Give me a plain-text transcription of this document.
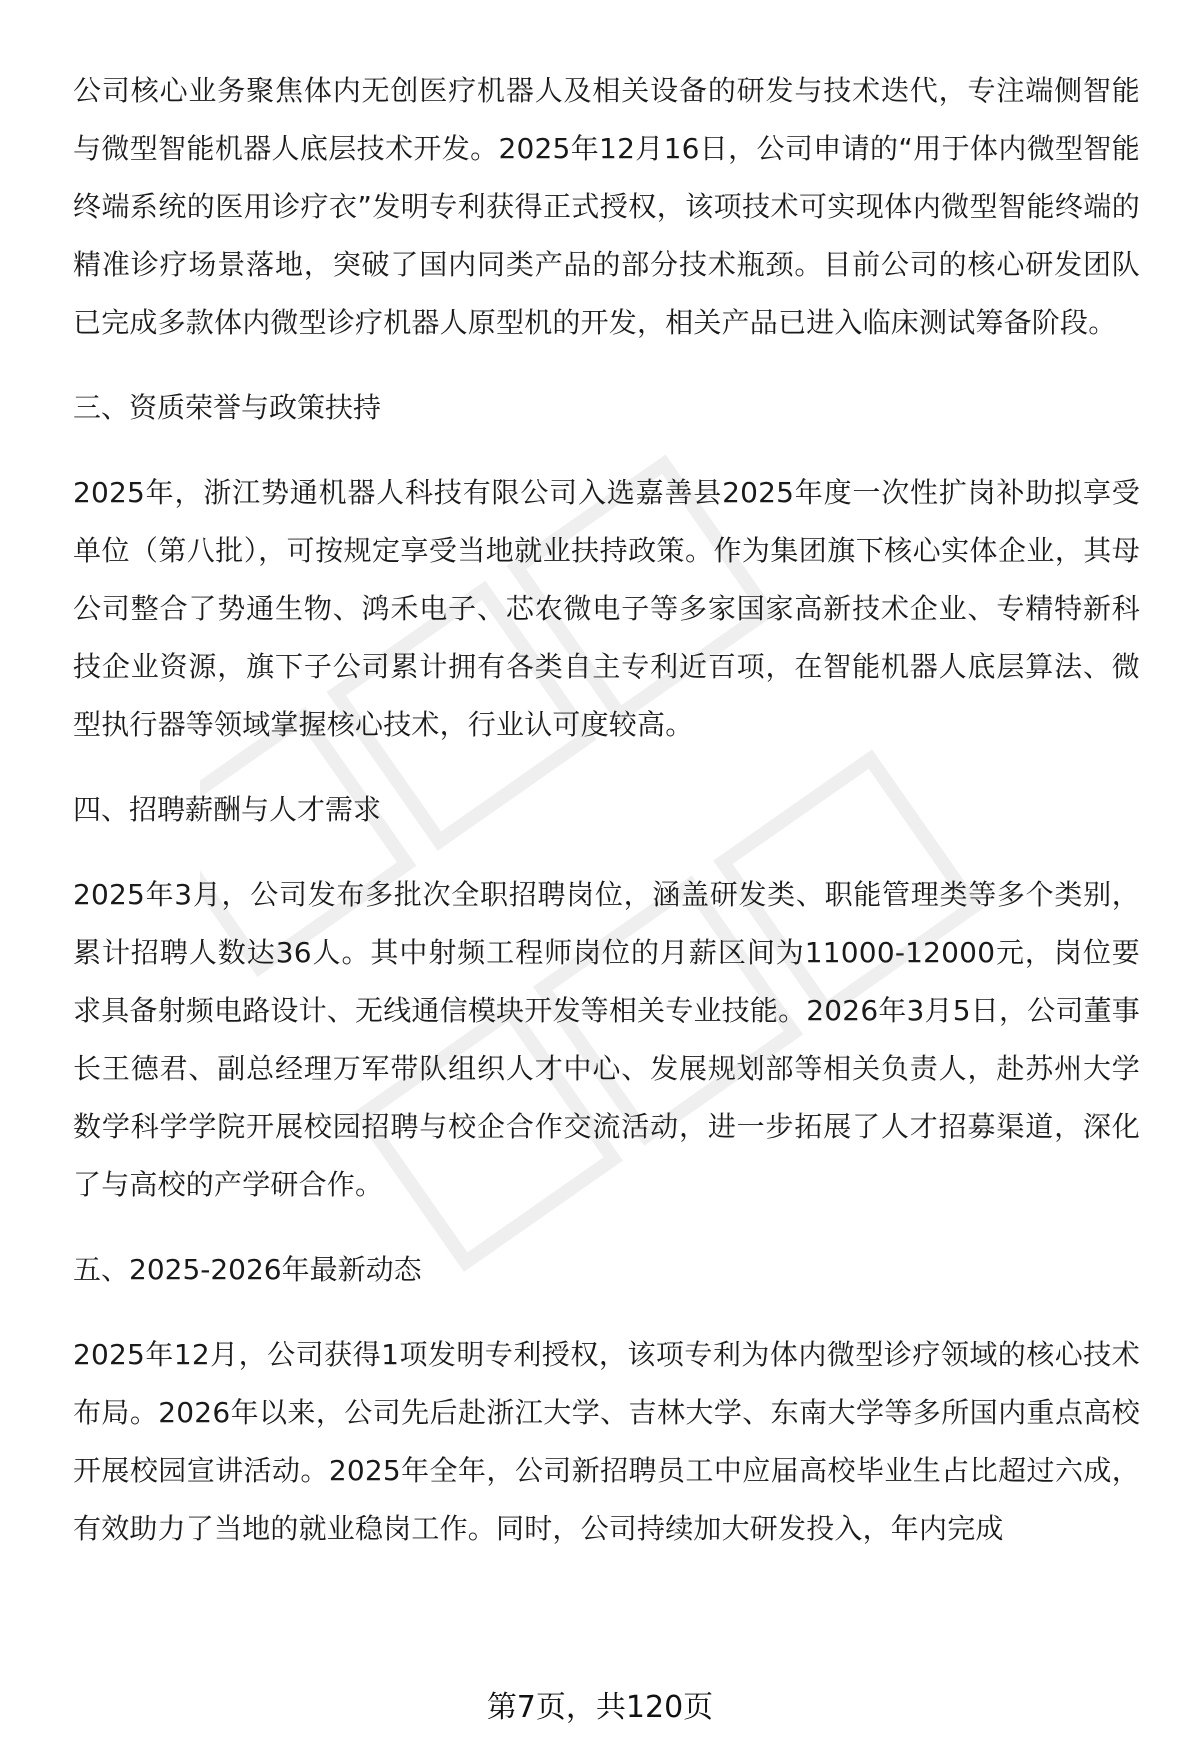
公司核心业务聚焦体内无创医疗机器人及相关设备的研发与技术迭代，专注端侧智能与微型智能机器人底层技术开发。2025年12月16日，公司申请的“用于体内微型智能终端系统的医用诊疗衣”发明专利获得正式授权，该项技术可实现体内微型智能终端的精准诊疗场景落地，突破了国内同类产品的部分技术瓶颈。目前公司的核心研发团队已完成多款体内微型诊疗机器人原型机的开发，相关产品已进入临床测试筹备阶段。

三、资质荣誉与政策扶持

2025年，浙江势通机器人科技有限公司入选嘉善县2025年度一次性扩岗补助拟享受单位（第八批），可按规定享受当地就业扶持政策。作为集团旗下核心实体企业，其母公司整合了势通生物、鸿禾电子、芯农微电子等多家国家高新技术企业、专精特新科技企业资源，旗下子公司累计拥有各类自主专利近百项，在智能机器人底层算法、微型执行器等领域掌握核心技术，行业认可度较高。

四、招聘薪酬与人才需求

2025年3月，公司发布多批次全职招聘岗位，涵盖研发类、职能管理类等多个类别，累计招聘人数达36人。其中射频工程师岗位的月薪区间为11000-12000元，岗位要求具备射频电路设计、无线通信模块开发等相关专业技能。2026年3月5日，公司董事长王德君、副总经理万军带队组织人才中心、发展规划部等相关负责人，赴苏州大学数学科学学院开展校园招聘与校企合作交流活动，进一步拓展了人才招募渠道，深化了与高校的产学研合作。

五、2025-2026年最新动态

2025年12月，公司获得1项发明专利授权，该项专利为体内微型诊疗领域的核心技术布局。2026年以来，公司先后赴浙江大学、吉林大学、东南大学等多所国内重点高校开展校园宣讲活动。2025年全年，公司新招聘员工中应届高校毕业生占比超过六成，有效助力了当地的就业稳岗工作。同时，公司持续加大研发投入，年内完成

第7页，共120页
